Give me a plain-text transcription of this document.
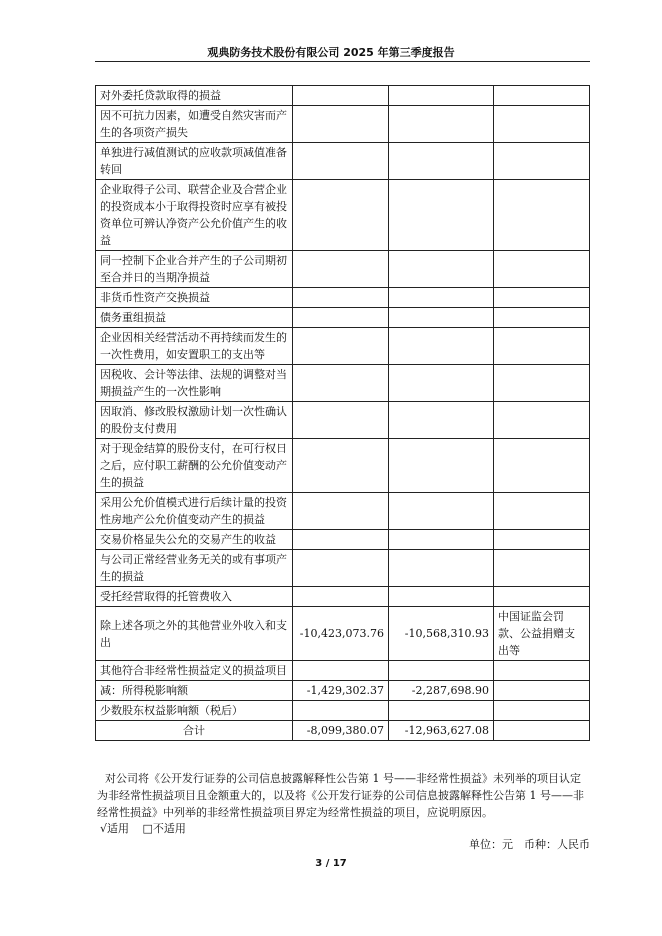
观典防务技术股份有限公司 2025 年第三季度报告
对外委托贷款取得的损益			
因不可抗力因素，如遭受自然灾害而产生的各项资产损失			
单独进行减值测试的应收款项减值准备转回			
企业取得子公司、联营企业及合营企业的投资成本小于取得投资时应享有被投资单位可辨认净资产公允价值产生的收益			
同一控制下企业合并产生的子公司期初至合并日的当期净损益			
非货币性资产交换损益			
债务重组损益			
企业因相关经营活动不再持续而发生的一次性费用，如安置职工的支出等			
因税收、会计等法律、法规的调整对当期损益产生的一次性影响			
因取消、修改股权激励计划一次性确认的股份支付费用			
对于现金结算的股份支付，在可行权日之后，应付职工薪酬的公允价值变动产生的损益			
采用公允价值模式进行后续计量的投资性房地产公允价值变动产生的损益			
交易价格显失公允的交易产生的收益			
与公司正常经营业务无关的或有事项产生的损益			
受托经营取得的托管费收入			
除上述各项之外的其他营业外收入和支出	-10,423,073.76	-10,568,310.93	中国证监会罚款、公益捐赠支出等
其他符合非经常性损益定义的损益项目			
减：所得税影响额	-1,429,302.37	-2,287,698.90	
少数股东权益影响额（税后）			
合计	-8,099,380.07	-12,963,627.08	
对公司将《公开发行证券的公司信息披露解释性公告第 1 号——非经常性损益》未列举的项目认定为非经常性损益项目且金额重大的，以及将《公开发行证券的公司信息披露解释性公告第 1 号——非经常性损益》中列举的非经常性损益项目界定为经常性损益的项目，应说明原因。
√适用 □不适用
单位：元　币种：人民币
3 / 17
